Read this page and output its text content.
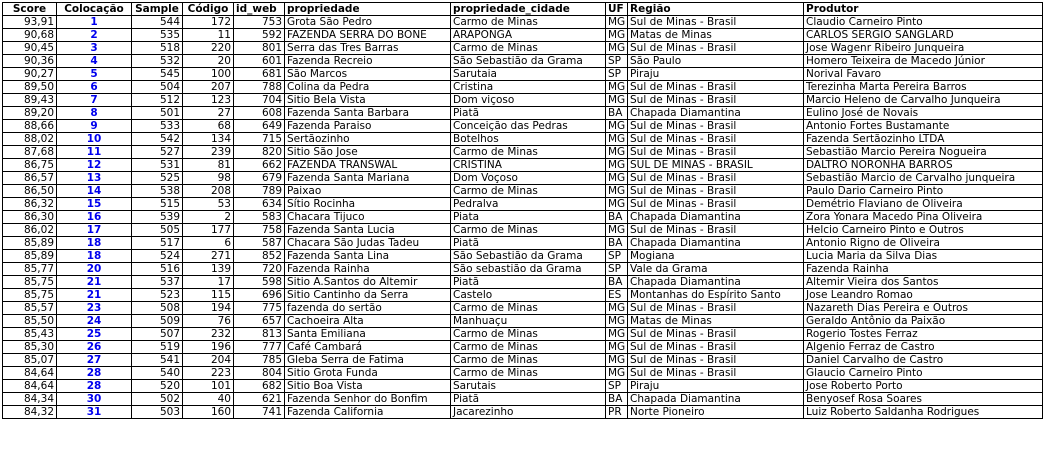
Score	Colocação	Sample	Código	id_web	propriedade	propriedade_cidade	UF	Região	Produtor
93,91	1	544	172	753	Grota São Pedro	Carmo de Minas	MG	Sul de Minas - Brasil	Claudio Carneiro Pinto
90,68	2	535	11	592	FAZENDA SERRA DO BONE	ARAPONGA	MG	Matas de Minas	CARLOS SERGIO SANGLARD
90,45	3	518	220	801	Serra das Tres Barras	Carmo de Minas	MG	Sul de Minas - Brasil	Jose Wagenr Ribeiro Junqueira
90,36	4	532	20	601	Fazenda Recreio	São Sebastião da Grama	SP	São Paulo	Homero Teixeira de Macedo Júnior
90,27	5	545	100	681	São Marcos	Sarutaia	SP	Piraju	Norival Favaro
89,50	6	504	207	788	Colina da Pedra	Cristina	MG	Sul de Minas - Brasil	Terezinha Marta Pereira Barros
89,43	7	512	123	704	Sitio Bela Vista	Dom viçoso	MG	Sul de Minas - Brasil	Marcio Heleno de Carvalho Junqueira
89,20	8	501	27	608	Fazenda Santa Barbara	Piatã	BA	Chapada Diamantina	Eulino José de Novais
88,66	9	533	68	649	Fazenda Paraiso	Conceição das Pedras	MG	Sul de Minas - Brasil	Antonio Fortes Bustamante
88,02	10	542	134	715	Sertãozinho	Botelhos	MG	Sul de Minas - Brasil	Fazenda Sertãozinho LTDA
87,68	11	527	239	820	Sitio São Jose	Carmo de Minas	MG	Sul de Minas - Brasil	Sebastião Marcio Pereira Nogueira
86,75	12	531	81	662	FAZENDA TRANSWAL	CRISTINA	MG	SUL DE MINAS - BRASIL	DALTRO NORONHA BARROS
86,57	13	525	98	679	Fazenda Santa Mariana	Dom Voçoso	MG	Sul de Minas - Brasil	Sebastião Marcio de Carvalho junqueira
86,50	14	538	208	789	Paixao	Carmo de Minas	MG	Sul de Minas - Brasil	Paulo Dario Carneiro Pinto
86,32	15	515	53	634	Sítio Rocinha	Pedralva	MG	Sul de Minas - Brasil	Demétrio Flaviano de Oliveira
86,30	16	539	2	583	Chacara Tijuco	Piata	BA	Chapada Diamantina	Zora Yonara Macedo Pina Oliveira
86,02	17	505	177	758	Fazenda Santa Lucia	Carmo de Minas	MG	Sul de Minas - Brasil	Helcio Carneiro Pinto e Outros
85,89	18	517	6	587	Chacara São Judas Tadeu	Piatã	BA	Chapada Diamantina	Antonio Rigno de Oliveira
85,89	18	524	271	852	Fazenda Santa Lina	São Sebastião da Grama	SP	Mogiana	Lucia Maria da Silva Dias
85,77	20	516	139	720	Fazenda Rainha	São sebastião da Grama	SP	Vale da Grama	Fazenda Rainha
85,75	21	537	17	598	Sitio A.Santos do Altemir	Piatã	BA	Chapada Diamantina	Altemir Vieira dos Santos
85,75	21	523	115	696	Sitio Cantinho da Serra	Castelo	ES	Montanhas do Espírito Santo	Jose Leandro Romao
85,57	23	508	194	775	fazenda do sertão	Carmo de Minas	MG	Sul de Minas - Brasil	Nazareth Dias Pereira e Outros
85,50	24	509	76	657	Cachoeira Alta	Manhuaçu	MG	Matas de Minas	Geraldo Antônio da Paixão
85,43	25	507	232	813	Santa Emiliana	Carmo de Minas	MG	Sul de Minas - Brasil	Rogerio Tostes Ferraz
85,30	26	519	196	777	Café Cambará	Carmo de Minas	MG	Sul de Minas - Brasil	Algenio Ferraz de Castro
85,07	27	541	204	785	Gleba Serra de Fatima	Carmo de Minas	MG	Sul de Minas - Brasil	Daniel Carvalho de Castro
84,64	28	540	223	804	Sitio Grota Funda	Carmo de Minas	MG	Sul de Minas - Brasil	Glaucio Carneiro Pinto
84,64	28	520	101	682	Sitio Boa Vista	Sarutais	SP	Piraju	Jose Roberto Porto
84,34	30	502	40	621	Fazenda Senhor do Bonfim	Piatã	BA	Chapada Diamantina	Benyosef Rosa Soares
84,32	31	503	160	741	Fazenda California	Jacarezinho	PR	Norte Pioneiro	Luiz Roberto Saldanha Rodrigues
